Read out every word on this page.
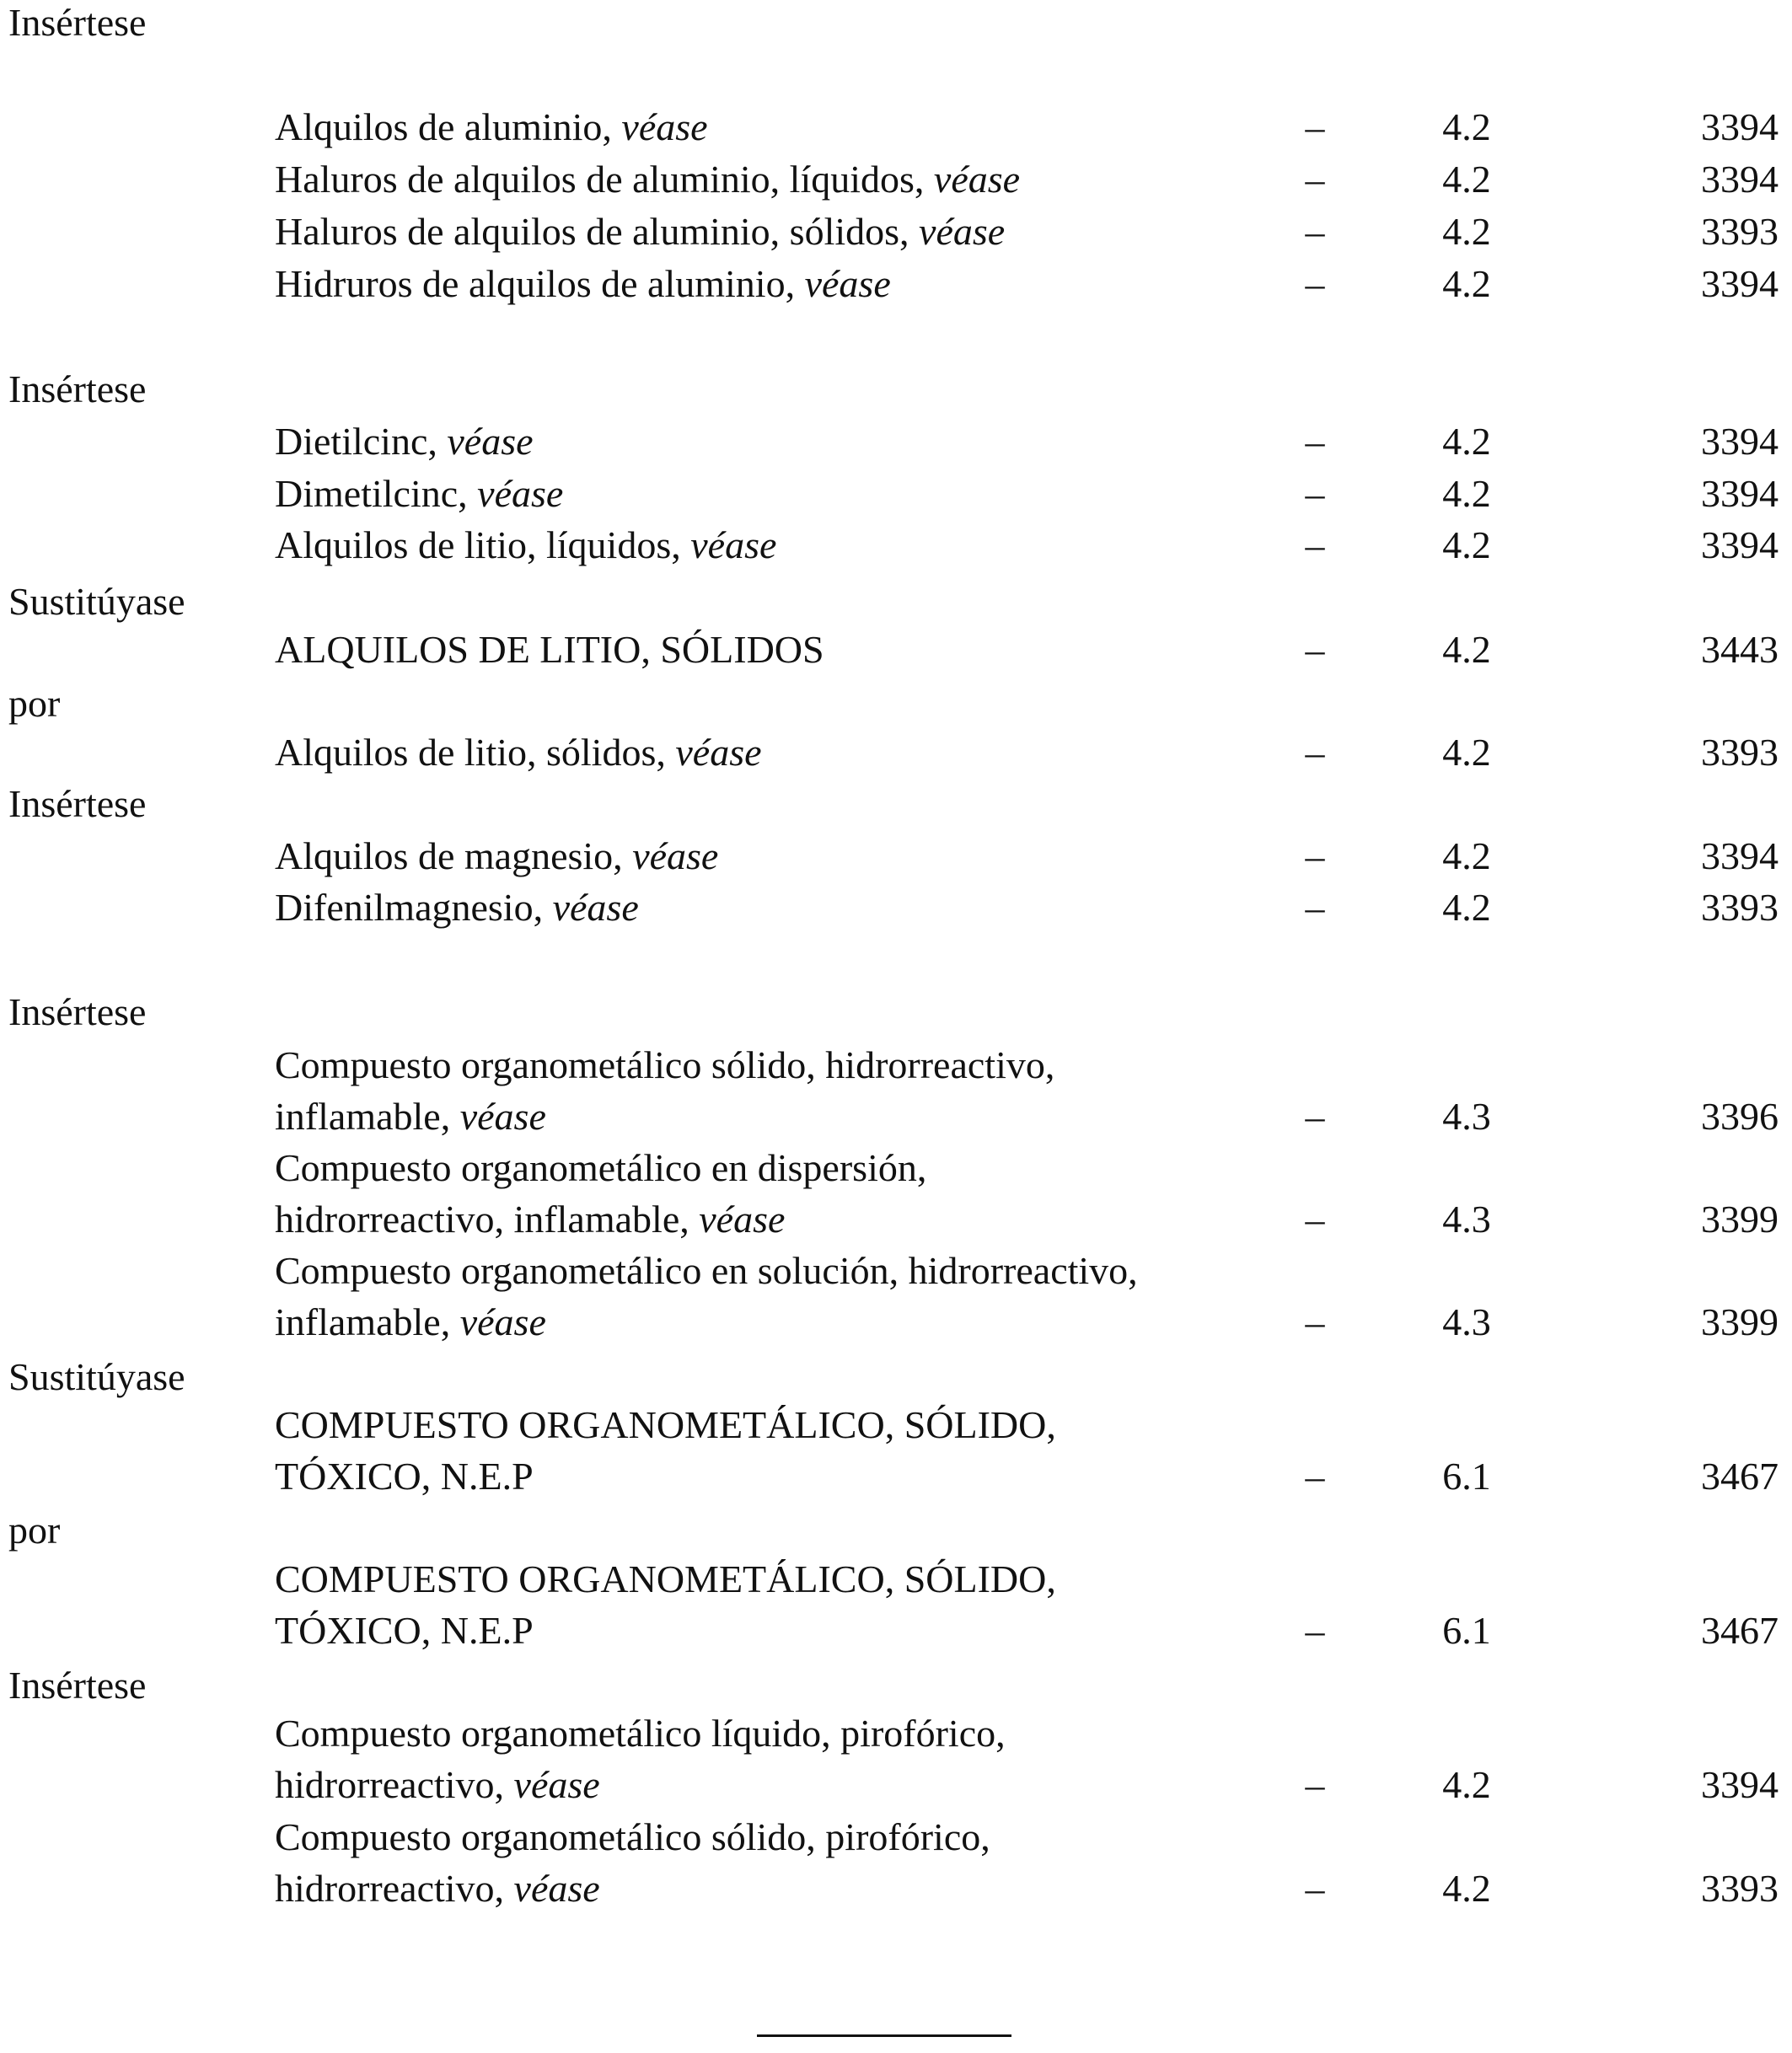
Insértese
Insértese
Sustitúyase
por
Insértese
Insértese
Sustitúyase
por
Insértese
Alquilos de aluminio, véase	–	4.2	3394
Haluros de alquilos de aluminio, líquidos, véase	–	4.2	3394
Haluros de alquilos de aluminio, sólidos, véase	–	4.2	3393
Hidruros de alquilos de aluminio, véase	–	4.2	3394
Dietilcinc, véase	–	4.2	3394
Dimetilcinc, véase	–	4.2	3394
Alquilos de litio, líquidos, véase	–	4.2	3394
ALQUILOS DE LITIO, SÓLIDOS	–	4.2	3443
Alquilos de litio, sólidos, véase	–	4.2	3393
Alquilos de magnesio, véase	–	4.2	3394
Difenilmagnesio, véase	–	4.2	3393
Compuesto organometálico sólido, hidrorreactivo,
inflamable, véase	–	4.3	3396
Compuesto organometálico en dispersión,
hidrorreactivo, inflamable, véase	–	4.3	3399
Compuesto organometálico en solución, hidrorreactivo,
inflamable, véase	–	4.3	3399
COMPUESTO ORGANOMETÁLICO, SÓLIDO,
TÓXICO, N.E.P	–	6.1	3467
COMPUESTO ORGANOMETÁLICO, SÓLIDO,
TÓXICO, N.E.P	–	6.1	3467
Compuesto organometálico líquido, pirofórico,
hidrorreactivo, véase	–	4.2	3394
Compuesto organometálico sólido, pirofórico,
hidrorreactivo, véase	–	4.2	3393
